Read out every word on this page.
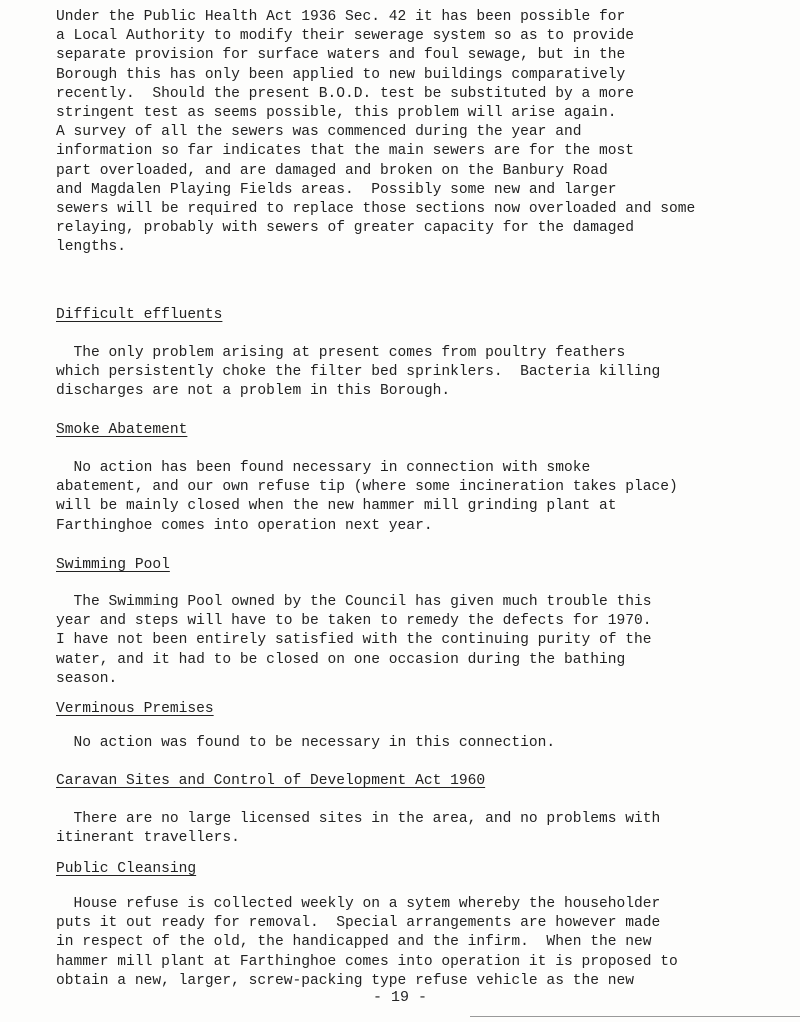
Under the Public Health Act 1936 Sec. 42 it has been possible for
a Local Authority to modify their sewerage system so as to provide
separate provision for surface waters and foul sewage, but in the
Borough this has only been applied to new buildings comparatively
recently.  Should the present B.O.D. test be substituted by a more
stringent test as seems possible, this problem will arise again.
A survey of all the sewers was commenced during the year and
information so far indicates that the main sewers are for the most
part overloaded, and are damaged and broken on the Banbury Road
and Magdalen Playing Fields areas.  Possibly some new and larger
sewers will be required to replace those sections now overloaded and some
relaying, probably with sewers of greater capacity for the damaged
lengths.
Difficult effluents
The only problem arising at present comes from poultry feathers
which persistently choke the filter bed sprinklers.  Bacteria killing
discharges are not a problem in this Borough.
Smoke Abatement
No action has been found necessary in connection with smoke
abatement, and our own refuse tip (where some incineration takes place)
will be mainly closed when the new hammer mill grinding plant at
Farthinghoe comes into operation next year.
Swimming Pool
The Swimming Pool owned by the Council has given much trouble this
year and steps will have to be taken to remedy the defects for 1970.
I have not been entirely satisfied with the continuing purity of the
water, and it had to be closed on one occasion during the bathing
season.
Verminous Premises
No action was found to be necessary in this connection.
Caravan Sites and Control of Development Act 1960
There are no large licensed sites in the area, and no problems with
itinerant travellers.
Public Cleansing
House refuse is collected weekly on a sytem whereby the householder
puts it out ready for removal.  Special arrangements are however made
in respect of the old, the handicapped and the infirm.  When the new
hammer mill plant at Farthinghoe comes into operation it is proposed to
obtain a new, larger, screw-packing type refuse vehicle as the new
- 19 -
